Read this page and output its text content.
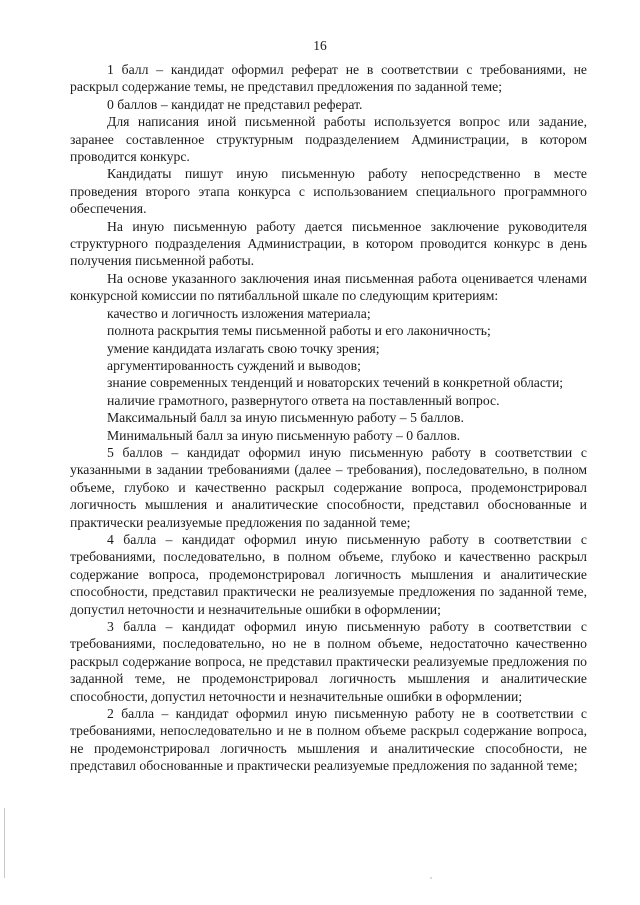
16

1 балл – кандидат оформил реферат не в соответствии с требованиями, не раскрыл содержание темы, не представил предложения по заданной теме;

0 баллов – кандидат не представил реферат.

Для написания иной письменной работы используется вопрос или задание, заранее составленное структурным подразделением Администрации, в котором проводится конкурс.

Кандидаты пишут иную письменную работу непосредственно в месте проведения второго этапа конкурса с использованием специального программного обеспечения.

На иную письменную работу дается письменное заключение руководителя структурного подразделения Администрации, в котором проводится конкурс в день получения письменной работы.

На основе указанного заключения иная письменная работа оценивается членами конкурсной комиссии по пятибалльной шкале по следующим критериям:

качество и логичность изложения материала;

полнота раскрытия темы письменной работы и его лаконичность;

умение кандидата излагать свою точку зрения;

аргументированность суждений и выводов;

знание современных тенденций и новаторских течений в конкретной области;

наличие грамотного, развернутого ответа на поставленный вопрос.

Максимальный балл за иную письменную работу – 5 баллов.

Минимальный балл за иную письменную работу – 0 баллов.

5 баллов – кандидат оформил иную письменную работу в соответствии с указанными в задании требованиями (далее – требования), последовательно, в полном объеме, глубоко и качественно раскрыл содержание вопроса, продемонстрировал логичность мышления и аналитические способности, представил обоснованные и практически реализуемые предложения по заданной теме;

4 балла – кандидат оформил иную письменную работу в соответствии с требованиями, последовательно, в полном объеме, глубоко и качественно раскрыл содержание вопроса, продемонстрировал логичность мышления и аналитические способности, представил практически не реализуемые предложения по заданной теме, допустил неточности и незначительные ошибки в оформлении;

3 балла – кандидат оформил иную письменную работу в соответствии с требованиями, последовательно, но не в полном объеме, недостаточно качественно раскрыл содержание вопроса, не представил практически реализуемые предложения по заданной теме, не продемонстрировал логичность мышления и аналитические способности, допустил неточности и незначительные ошибки в оформлении;

2 балла – кандидат оформил иную письменную работу не в соответствии с требованиями, непоследовательно и не в полном объеме раскрыл содержание вопроса, не продемонстрировал логичность мышления и аналитические способности, не представил обоснованные и практически реализуемые предложения по заданной теме;
